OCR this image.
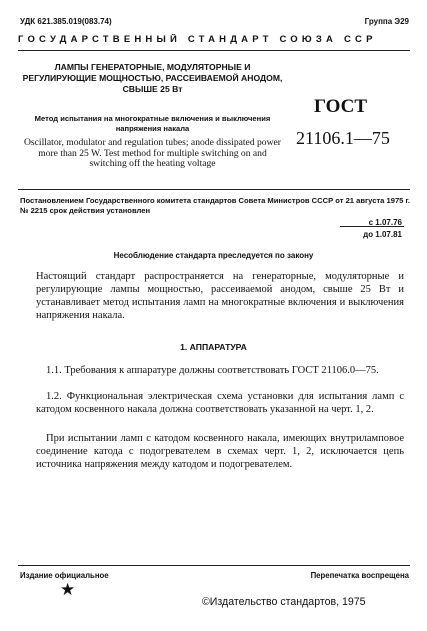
УДК 621.385.019(083.74)	Группа Э29
ГОСУДАРСТВЕННЫЙ СТАНДАРТ СОЮЗА ССР
ЛАМПЫ ГЕНЕРАТОРНЫЕ, МОДУЛЯТОРНЫЕ И РЕГУЛИРУЮЩИЕ МОЩНОСТЬЮ, РАССЕИВАЕМОЙ АНОДОМ, СВЫШЕ 25 Вт
Метод испытания на многократные включения и выключения напряжения накала
Oscillator, modulator and regulation tubes; anode dissipated power more than 25 W. Test method for multiple switching on and switching off the heating voltage
ГОСТ
21106.1—75
Постановлением Государственного комитета стандартов Совета Министров СССР от 21 августа 1975 г. № 2215 срок действия установлен
с 1.07.76
до 1.07.81
Несоблюдение стандарта преследуется по закону
Настоящий стандарт распространяется на генераторные, модуляторные и регулирующие лампы мощностью, рассеиваемой анодом, свыше 25 Вт и устанавливает метод испытания ламп на многократные включения и выключения напряжения накала.
1. АППАРАТУРА
1.1. Требования к аппаратуре должны соответствовать ГОСТ 21106.0—75.
1.2. Функциональная электрическая схема установки для испытания ламп с катодом косвенного накала должна соответствовать указанной на черт. 1, 2.
При испытании ламп с катодом косвенного накала, имеющих внутриламповое соединение катода с подогревателем в схемах черт. 1, 2, исключается цепь источника напряжения между катодом и подогревателем.
Издание официальное	Перепечатка воспрещена
★
©Издательство стандартов, 1975
